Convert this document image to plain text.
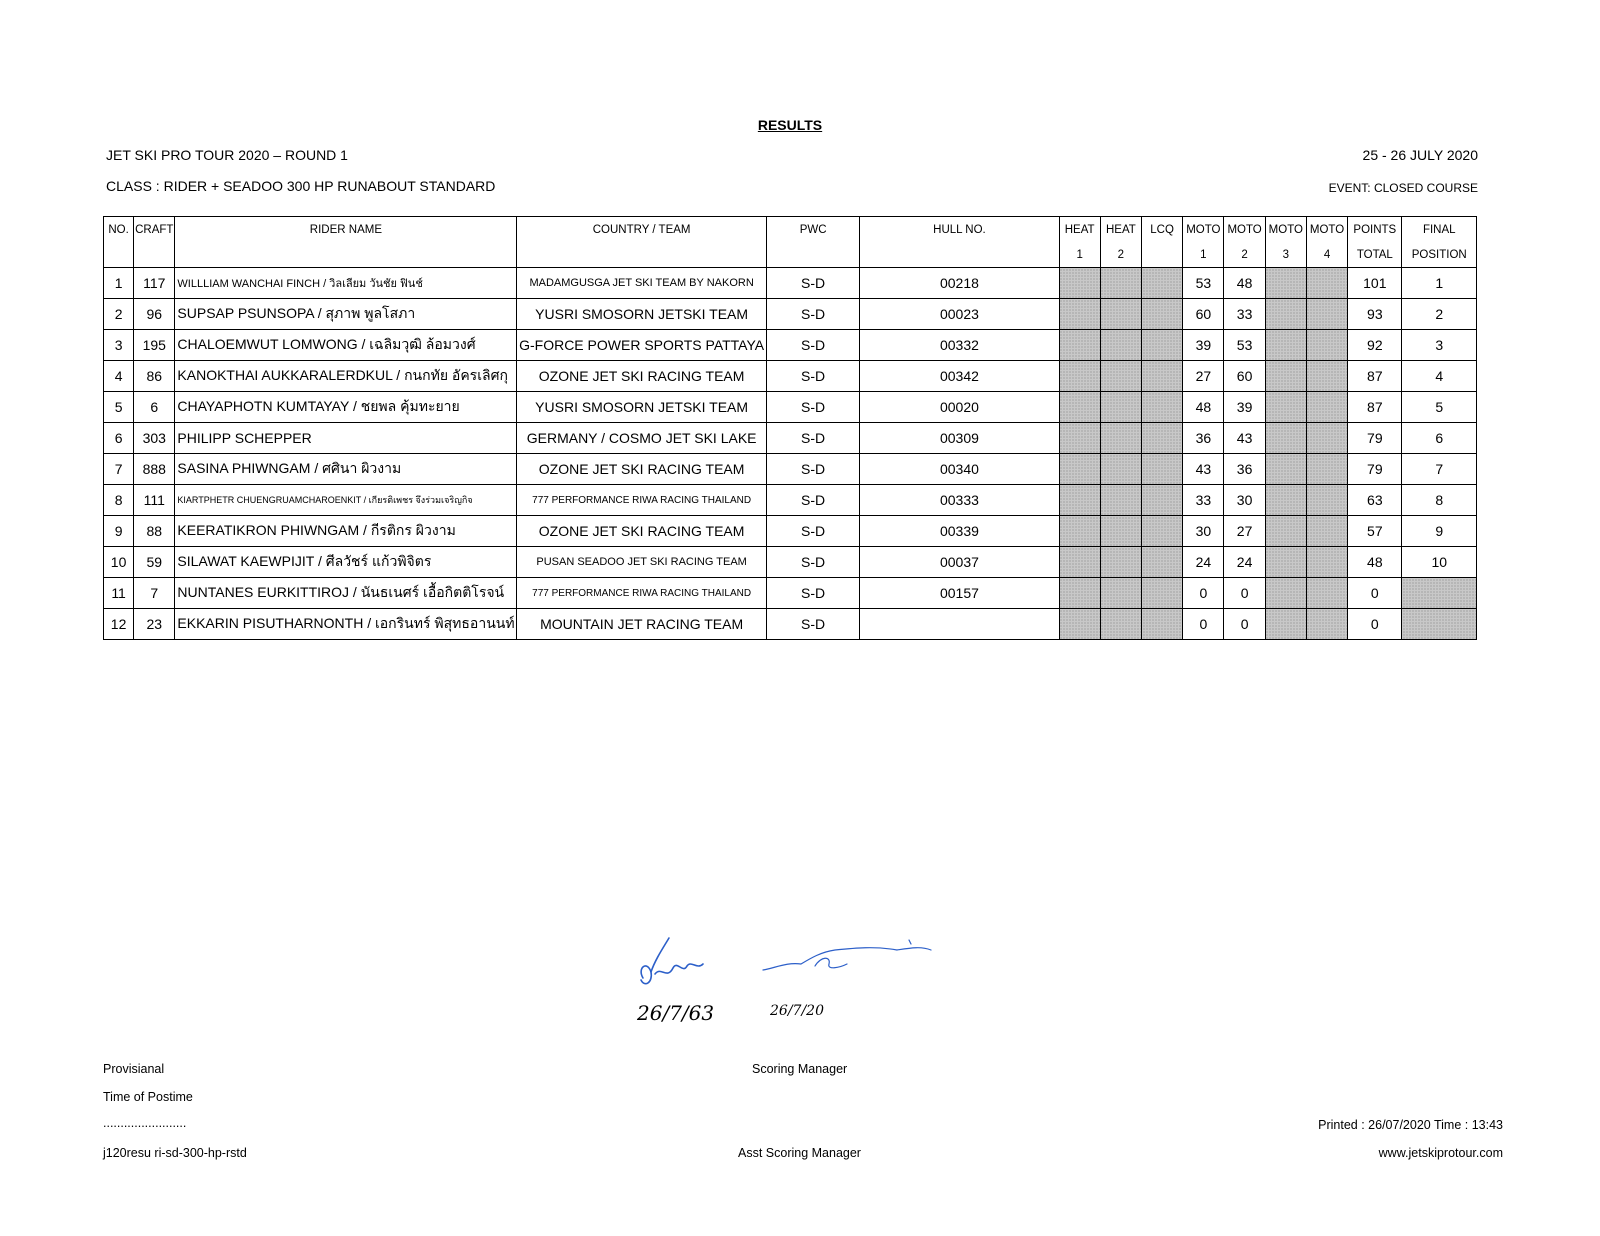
RESULTS
JET SKI PRO TOUR 2020 – ROUND 1	25 - 26 JULY 2020
CLASS : RIDER + SEADOO 300 HP RUNABOUT STANDARD	EVENT: CLOSED COURSE
NO.	CRAFT	RIDER NAME	COUNTRY / TEAM	PWC	HULL NO.	HEAT	HEAT	LCQ	MOTO	MOTO	MOTO	MOTO	POINTS	FINAL
						1	2		1	2	3	4	TOTAL	POSITION
1	117	WILLLIAM WANCHAI FINCH / วิลเลียม วันชัย ฟินช์	MADAMGUSGA JET SKI TEAM BY NAKORN	S-D	00218				53	48			101	1
2	96	SUPSAP PSUNSOPA / สุภาพ พูลโสภา	YUSRI SMOSORN JETSKI TEAM	S-D	00023				60	33			93	2
3	195	CHALOEMWUT LOMWONG / เฉลิมวุฒิ ล้อมวงศ์	G-FORCE POWER SPORTS PATTAYA	S-D	00332				39	53			92	3
4	86	KANOKTHAI AUKKARALERDKUL / กนกทัย อัครเลิศกุ	OZONE JET SKI RACING TEAM	S-D	00342				27	60			87	4
5	6	CHAYAPHOTN KUMTAYAY / ชยพล คุ้มทะยาย	YUSRI SMOSORN JETSKI TEAM	S-D	00020				48	39			87	5
6	303	PHILIPP SCHEPPER	GERMANY / COSMO JET SKI LAKE	S-D	00309				36	43			79	6
7	888	SASINA PHIWNGAM / ศศินา ผิวงาม	OZONE JET SKI RACING TEAM	S-D	00340				43	36			79	7
8	111	KIARTPHETR CHUENGRUAMCHAROENKIT / เกียรติเพชร จึงร่วมเจริญกิจ	777 PERFORMANCE RIWA RACING THAILAND	S-D	00333				33	30			63	8
9	88	KEERATIKRON PHIWNGAM / กีรติกร ผิวงาม	OZONE JET SKI RACING TEAM	S-D	00339				30	27			57	9
10	59	SILAWAT KAEWPIJIT / ศีลวัชร์ แก้วพิจิตร	PUSAN SEADOO JET SKI RACING TEAM	S-D	00037				24	24			48	10
11	7	NUNTANES EURKITTIROJ / นันธเนศร์ เอื้อกิตติโรจน์	777 PERFORMANCE RIWA RACING THAILAND	S-D	00157				0	0			0	
12	23	EKKARIN PISUTHARNONTH / เอกรินทร์ พิสุทธอานนท์	MOUNTAIN JET RACING TEAM	S-D					0	0			0	
26/7/63	26/7/20
Provisianal
Time of Postime
........................
j120resu ri-sd-300-hp-rstd
Scoring Manager
Asst Scoring Manager
Printed : 26/07/2020 Time : 13:43
www.jetskiprotour.com
